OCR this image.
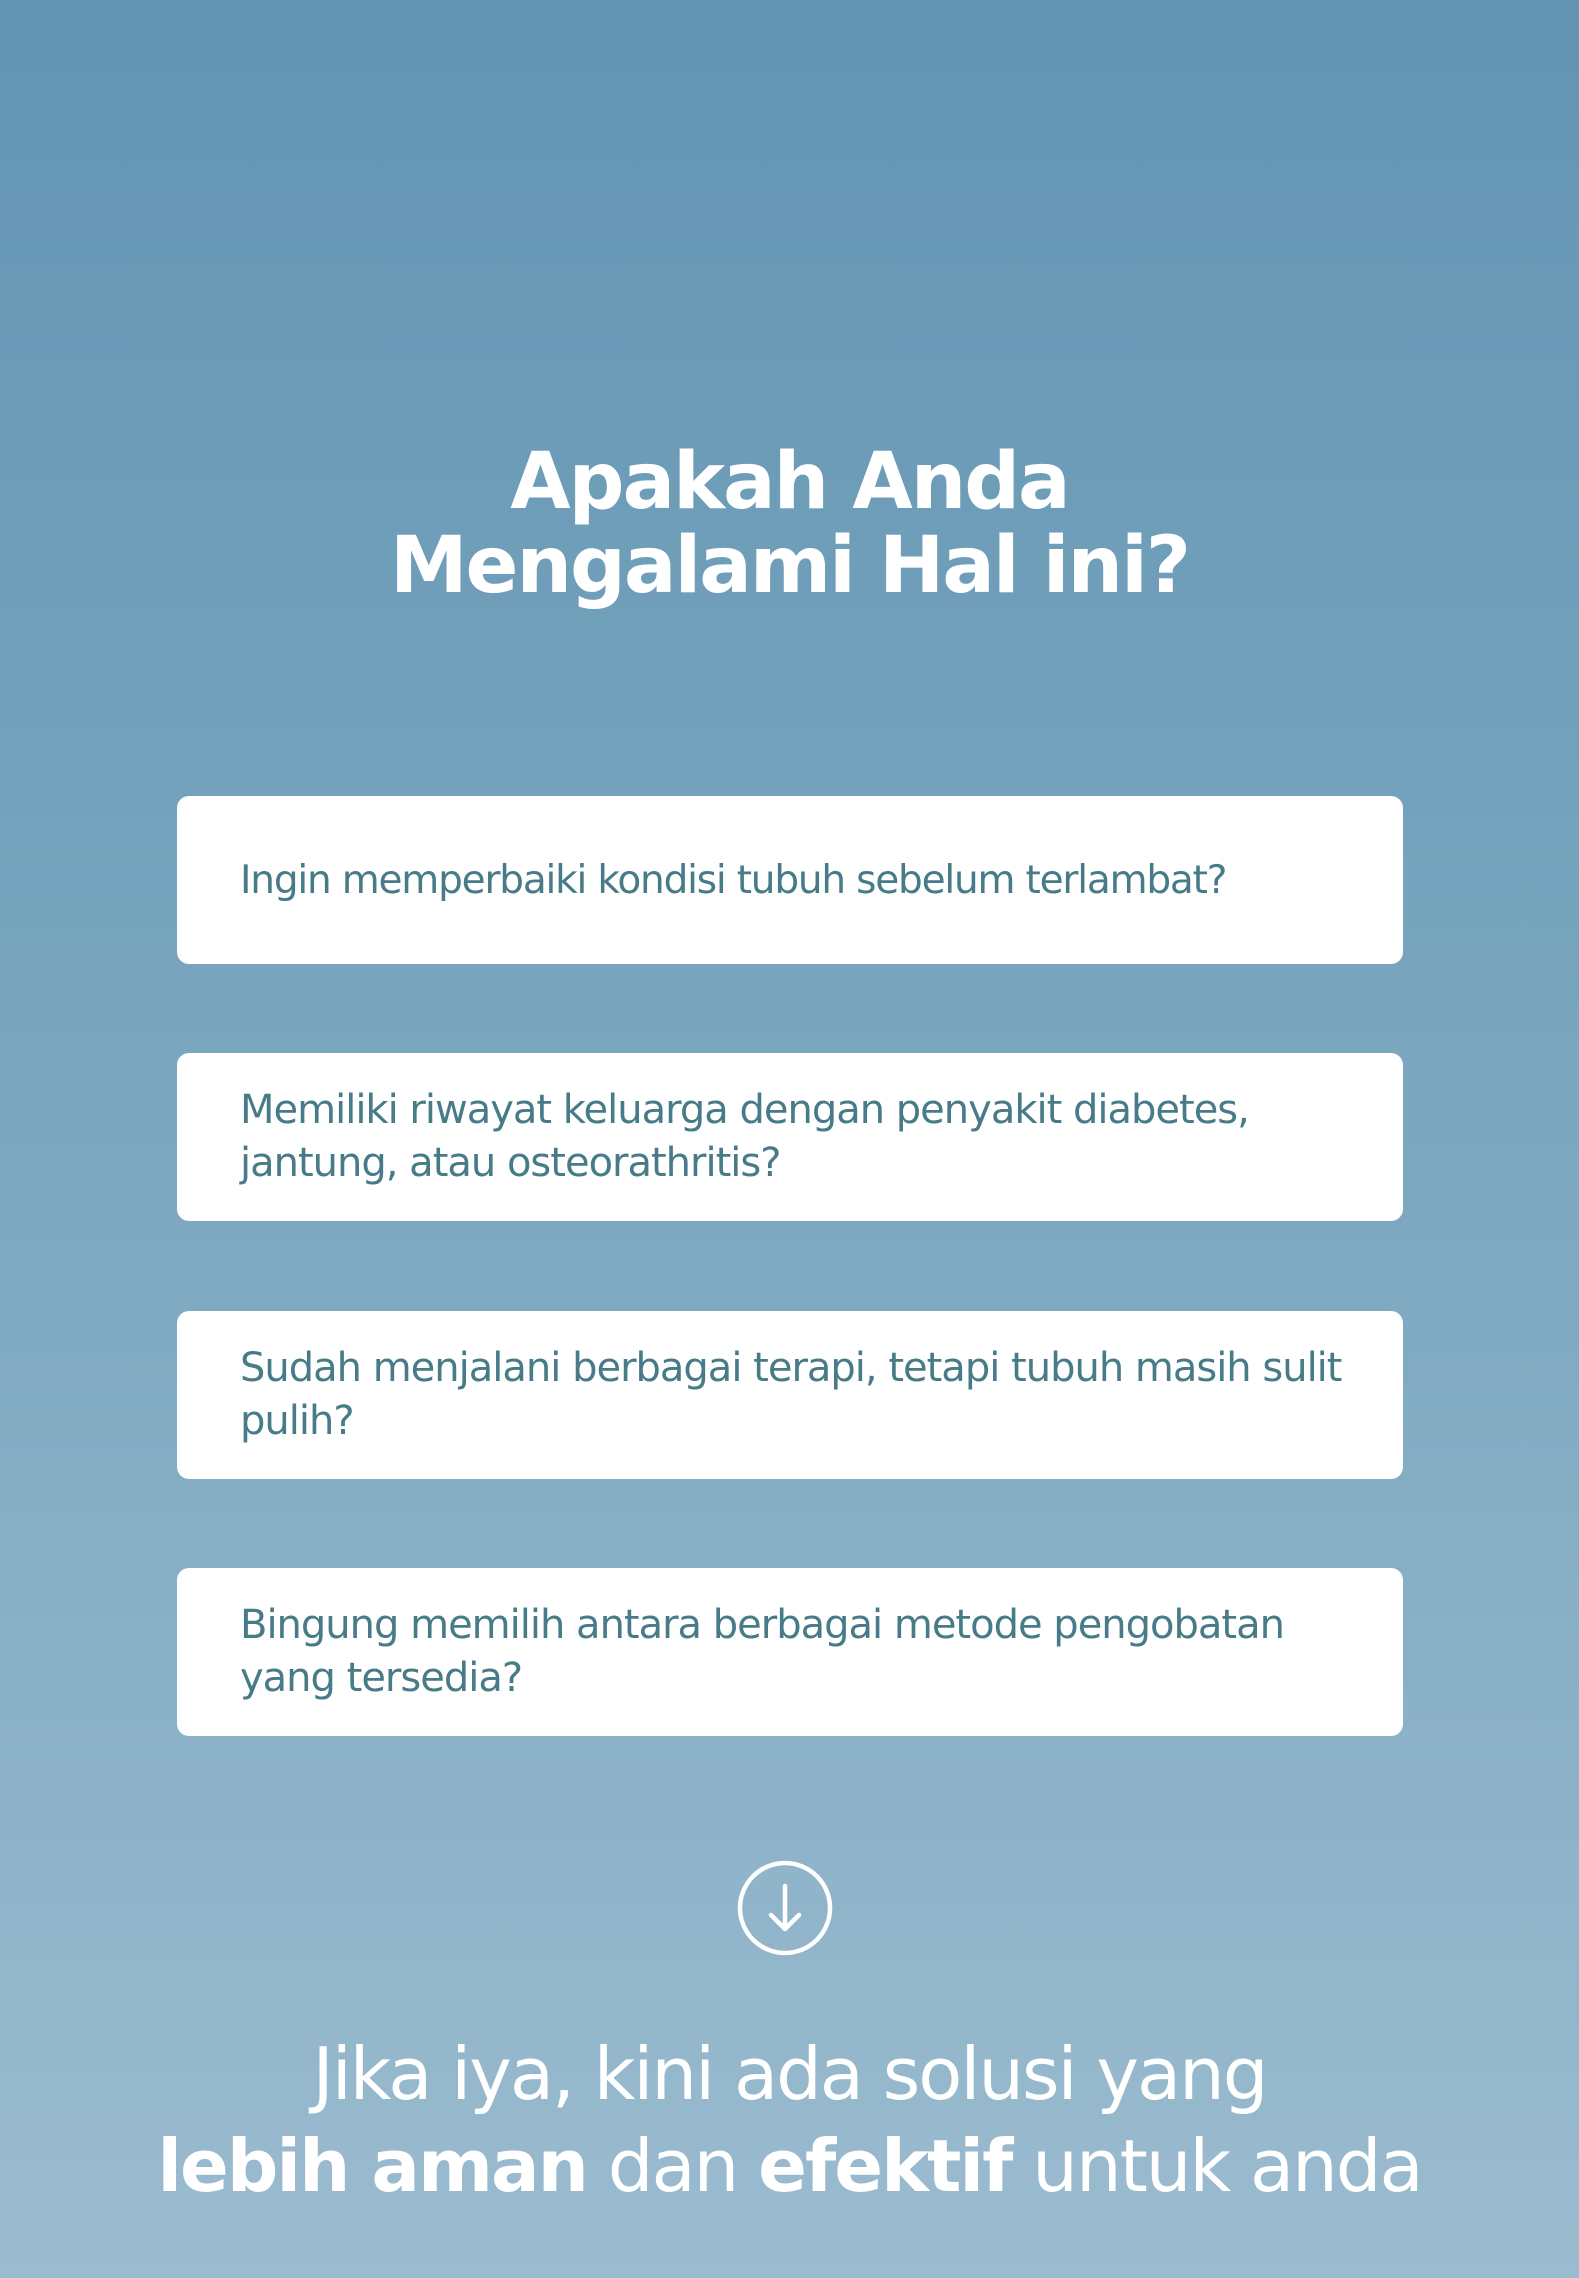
Apakah Anda
Mengalami Hal ini?

Ingin memperbaiki kondisi tubuh sebelum terlambat?

Memiliki riwayat keluarga dengan penyakit diabetes, jantung, atau osteorathritis?

Sudah menjalani berbagai terapi, tetapi tubuh masih sulit pulih?

Bingung memilih antara berbagai metode pengobatan yang tersedia?

Jika iya, kini ada solusi yang
lebih aman dan efektif untuk anda
